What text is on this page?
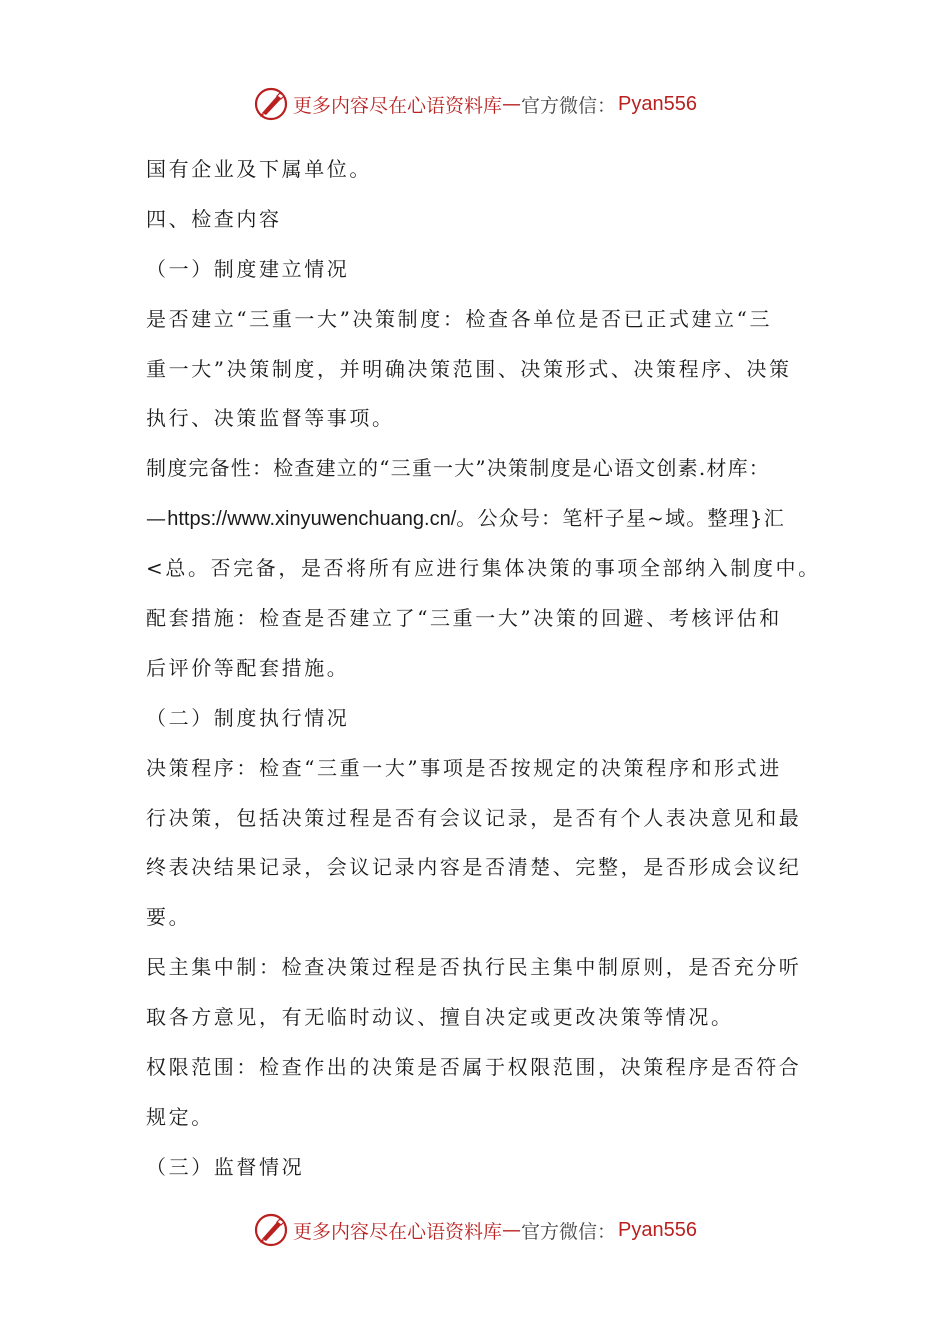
更多内容尽在心语资料库 — 官方微信： Pyan556
国有企业及下属单位。
四、检查内容
（一）制度建立情况
是否建立“三重一大”决策制度：检查各单位是否已正式建立“三
重一大”决策制度，并明确决策范围、决策形式、决策程序、决策
执行、决策监督等事项。
制度完备性：检查建立的“三重一大”决策制度是心语文创素.材库：
—https://www.xinyuwenchuang.cn/。公众号：笔杆子星~域。整理}汇
<总。否完备，是否将所有应进行集体决策的事项全部纳入制度中。
配套措施：检查是否建立了“三重一大”决策的回避、考核评估和
后评价等配套措施。
（二）制度执行情况
决策程序：检查“三重一大”事项是否按规定的决策程序和形式进
行决策，包括决策过程是否有会议记录，是否有个人表决意见和最
终表决结果记录，会议记录内容是否清楚、完整，是否形成会议纪
要。
民主集中制：检查决策过程是否执行民主集中制原则，是否充分听
取各方意见，有无临时动议、擅自决定或更改决策等情况。
权限范围：检查作出的决策是否属于权限范围，决策程序是否符合
规定。
（三）监督情况
更多内容尽在心语资料库 — 官方微信： Pyan556
